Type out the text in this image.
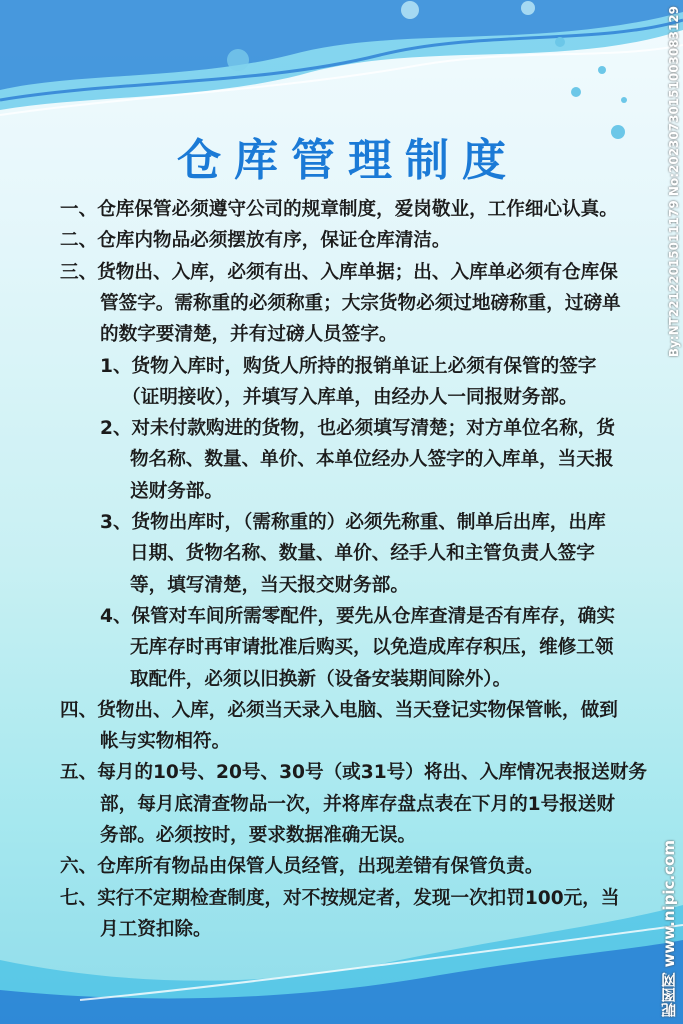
仓库管理制度
一、仓库保管必须遵守公司的规章制度，爱岗敬业，工作细心认真。
二、仓库内物品必须摆放有序，保证仓库清洁。
三、货物出、入库，必须有出、入库单据；出、入库单必须有仓库保
管签字。需称重的必须称重；大宗货物必须过地磅称重，过磅单
的数字要清楚，并有过磅人员签字。
1、货物入库时，购货人所持的报销单证上必须有保管的签字
（证明接收），并填写入库单，由经办人一同报财务部。
2、对未付款购进的货物，也必须填写清楚；对方单位名称，货
物名称、数量、单价、本单位经办人签字的入库单，当天报
送财务部。
3、货物出库时，（需称重的）必须先称重、制单后出库，出库
日期、货物名称、数量、单价、经手人和主管负责人签字
等，填写清楚，当天报交财务部。
4、保管对车间所需零配件，要先从仓库查清是否有库存，确实
无库存时再审请批准后购买，以免造成库存积压，维修工领
取配件，必须以旧换新（设备安装期间除外）。
四、货物出、入库，必须当天录入电脑、当天登记实物保管帐，做到
帐与实物相符。
五、每月的10号、20号、30号（或31号）将出、入库情况表报送财务
部，每月底清查物品一次，并将库存盘点表在下月的1号报送财
务部。必须按时，要求数据准确无误。
六、仓库所有物品由保管人员经管，出现差错有保管负责。
七、实行不定期检查制度，对不按规定者，发现一次扣罚100元，当
月工资扣除。
By:NT22122015011179 No:20230730151003083129
昵图网 www.nipic.com
